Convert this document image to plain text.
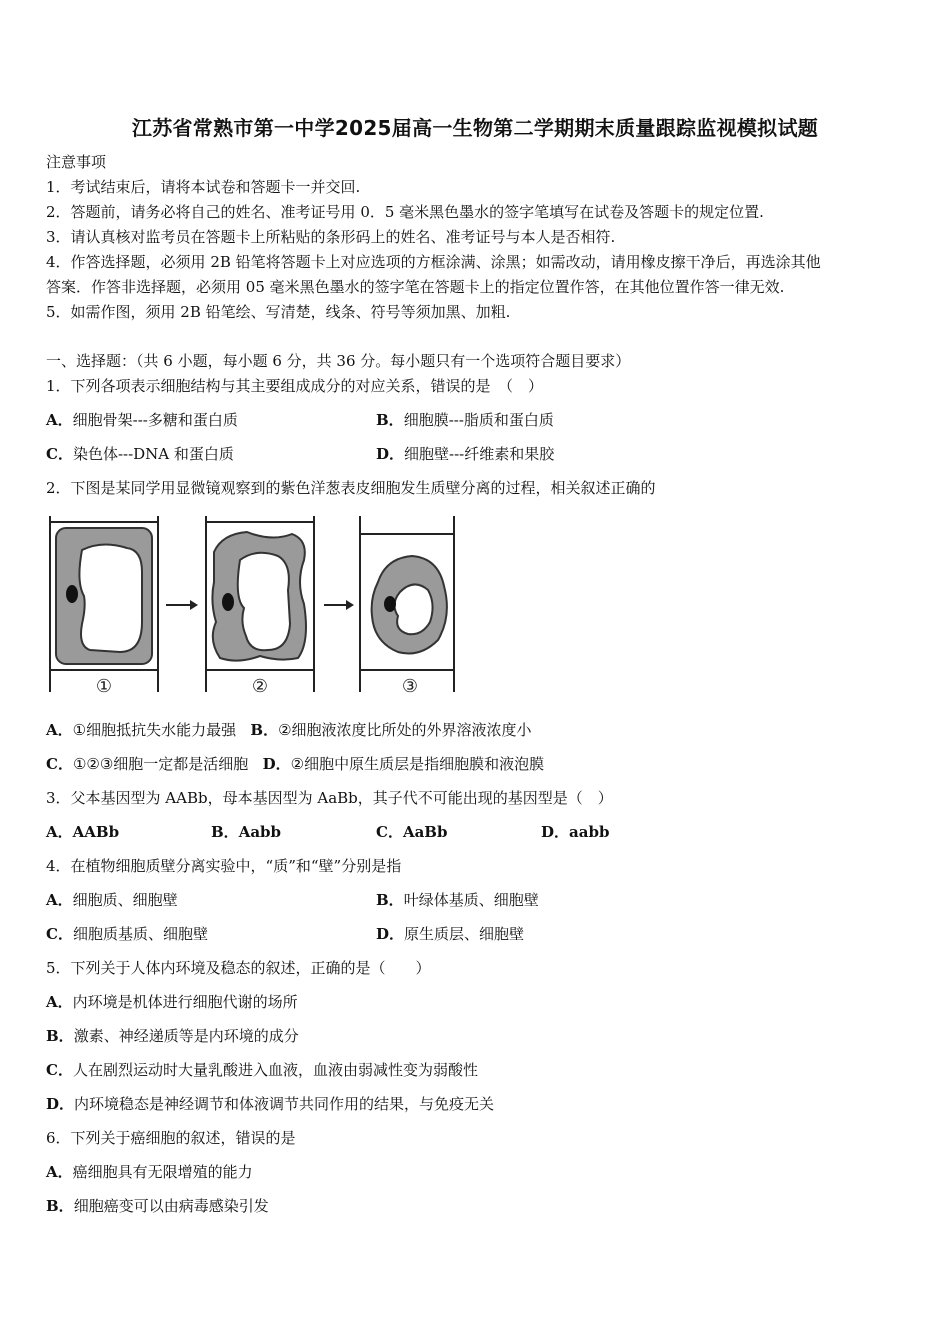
江苏省常熟市第一中学2025届高一生物第二学期期末质量跟踪监视模拟试题
注意事项
1．考试结束后，请将本试卷和答题卡一并交回.
2．答题前，请务必将自己的姓名、准考证号用 0．5 毫米黑色墨水的签字笔填写在试卷及答题卡的规定位置.
3．请认真核对监考员在答题卡上所粘贴的条形码上的姓名、准考证号与本人是否相符.
4．作答选择题，必须用 2B 铅笔将答题卡上对应选项的方框涂满、涂黑；如需改动，请用橡皮擦干净后，再选涂其他
答案．作答非选择题，必须用 05 毫米黑色墨水的签字笔在答题卡上的指定位置作答，在其他位置作答一律无效.
5．如需作图，须用 2B 铅笔绘、写清楚，线条、符号等须加黑、加粗.
一、选择题：（共 6 小题，每小题 6 分，共 36 分。每小题只有一个选项符合题目要求）
1．下列各项表示细胞结构与其主要组成成分的对应关系，错误的是　（　）
A．细胞骨架---多糖和蛋白质	B．细胞膜---脂质和蛋白质
C．染色体---DNA 和蛋白质	D．细胞壁---纤维素和果胶
2．下图是某同学用显微镜观察到的紫色洋葱表皮细胞发生质壁分离的过程，相关叙述正确的
①	②	③
A．①细胞抵抗失水能力最强 B．②细胞液浓度比所处的外界溶液浓度小
C．①②③细胞一定都是活细胞 D．②细胞中原生质层是指细胞膜和液泡膜
3．父本基因型为 AABb，母本基因型为 AaBb，其子代不可能出现的基因型是（　）
A．AABb	B．Aabb	C．AaBb	D．aabb
4．在植物细胞质壁分离实验中，“质”和“壁”分别是指
A．细胞质、细胞壁	B．叶绿体基质、细胞壁
C．细胞质基质、细胞壁	D．原生质层、细胞壁
5．下列关于人体内环境及稳态的叙述，正确的是（　　）
A．内环境是机体进行细胞代谢的场所
B．激素、神经递质等是内环境的成分
C．人在剧烈运动时大量乳酸进入血液，血液由弱减性变为弱酸性
D．内环境稳态是神经调节和体液调节共同作用的结果，与免疫无关
6．下列关于癌细胞的叙述，错误的是
A．癌细胞具有无限增殖的能力
B．细胞癌变可以由病毒感染引发
